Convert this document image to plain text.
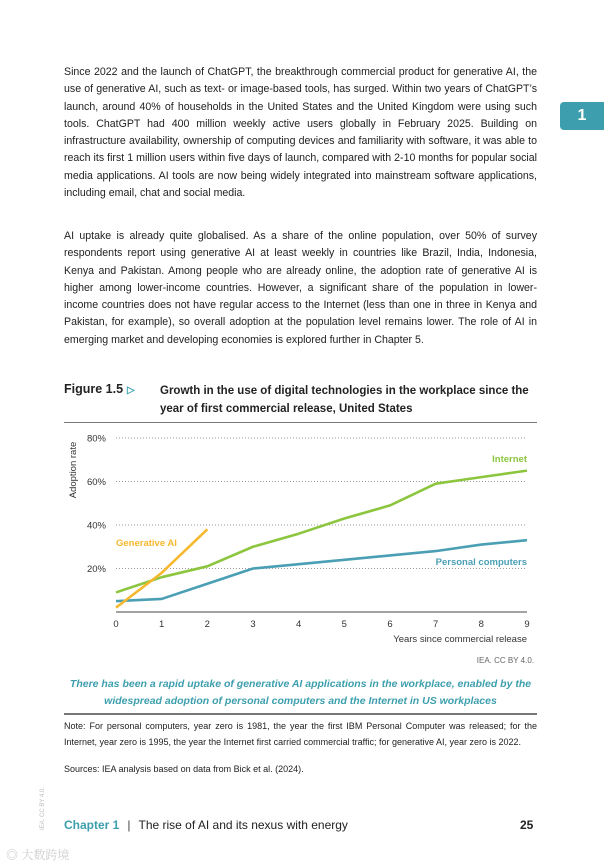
Since 2022 and the launch of ChatGPT, the breakthrough commercial product for generative AI, the use of generative AI, such as text- or image-based tools, has surged. Within two years of ChatGPT’s launch, around 40% of households in the United States and the United Kingdom were using such tools. ChatGPT had 400 million weekly active users globally in February 2025. Building on infrastructure availability, ownership of computing devices and familiarity with software, it was able to reach its first 1 million users within five days of launch, compared with 2-10 months for popular social media applications. AI tools are now being widely integrated into mainstream software applications, including email, chat and social media.
AI uptake is already quite globalised. As a share of the online population, over 50% of survey respondents report using generative AI at least weekly in countries like Brazil, India, Indonesia, Kenya and Pakistan. Among people who are already online, the adoption rate of generative AI is higher among lower-income countries. However, a significant share of the population in lower-income countries does not have regular access to the Internet (less than one in three in Kenya and Pakistan, for example), so overall adoption at the population level remains lower. The role of AI in emerging market and developing economies is explored further in Chapter 5.
1
Figure 1.5 ▷ Growth in the use of digital technologies in the workplace since the year of first commercial release, United States
20%
40%
60%
80%
0	1	2	3	4	5	6	7	8	9
Years since commercial release
Adoption rate	Internet
Personal computers
Generative AI
IEA. CC BY 4.0.
There has been a rapid uptake of generative AI applications in the workplace, enabled by the widespread adoption of personal computers and the Internet in US workplaces
Note: For personal computers, year zero is 1981, the year the first IBM Personal Computer was released; for the Internet, year zero is 1995, the year the Internet first carried commercial traffic; for generative AI, year zero is 2022.
Sources: IEA analysis based on data from Bick et al. (2024).
IEA. CC BY 4.0. Chapter 1 | The rise of AI and its nexus with energy	25
◎ 大数跨境
